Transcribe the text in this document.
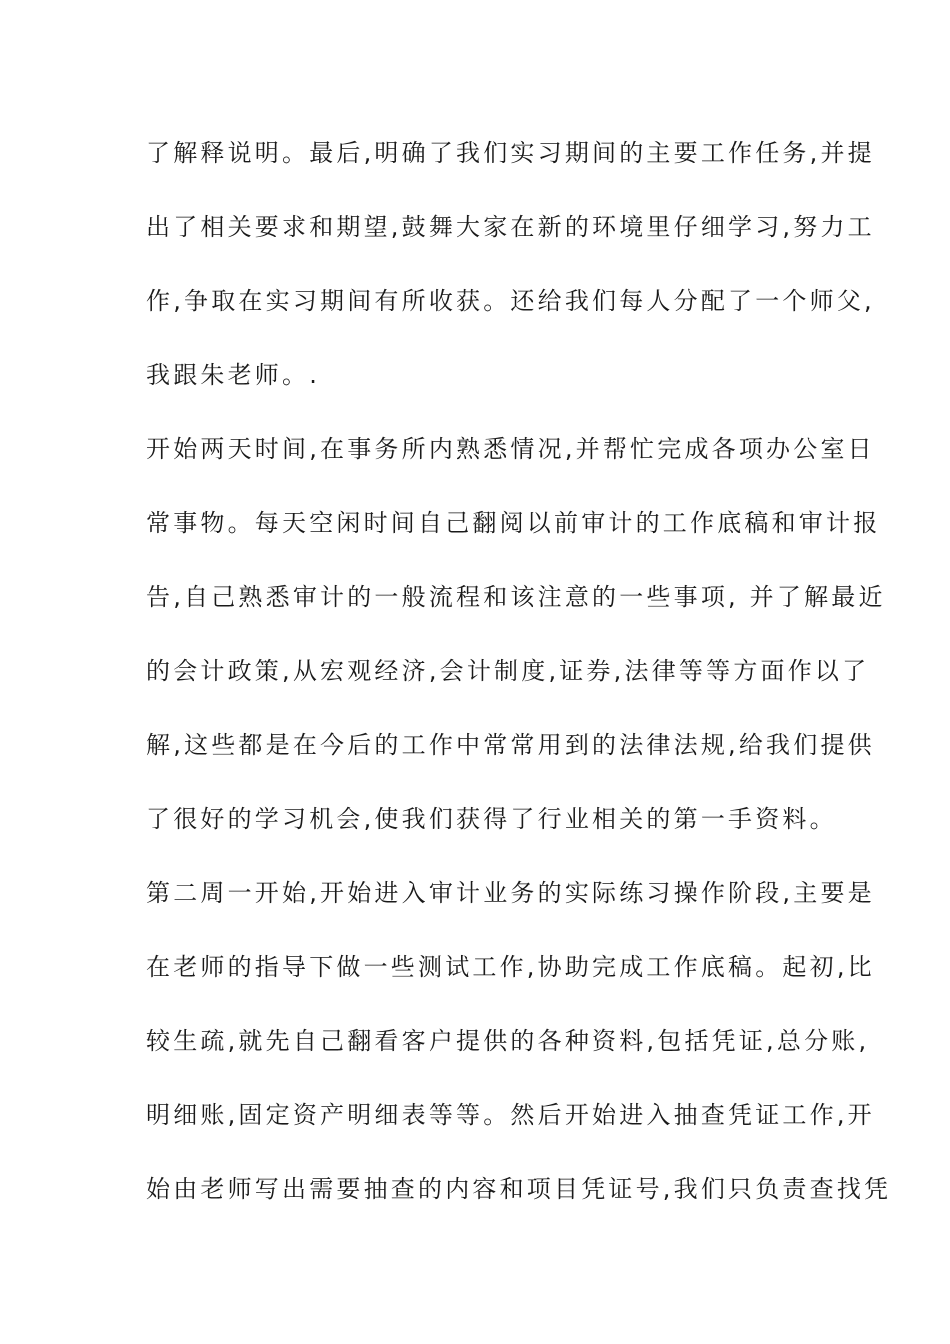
了解释说明。最后,明确了我们实习期间的主要工作任务,并提
出了相关要求和期望,鼓舞大家在新的环境里仔细学习,努力工
作,争取在实习期间有所收获。还给我们每人分配了一个师父,
我跟朱老师。.
开始两天时间,在事务所内熟悉情况,并帮忙完成各项办公室日
常事物。每天空闲时间自己翻阅以前审计的工作底稿和审计报
告,自己熟悉审计的一般流程和该注意的一些事项, 并了解最近
的会计政策,从宏观经济,会计制度,证券,法律等等方面作以了
解,这些都是在今后的工作中常常用到的法律法规,给我们提供
了很好的学习机会,使我们获得了行业相关的第一手资料。
第二周一开始,开始进入审计业务的实际练习操作阶段,主要是
在老师的指导下做一些测试工作,协助完成工作底稿。起初,比
较生疏,就先自己翻看客户提供的各种资料,包括凭证,总分账,
明细账,固定资产明细表等等。然后开始进入抽查凭证工作,开
始由老师写出需要抽查的内容和项目凭证号,我们只负责查找凭
